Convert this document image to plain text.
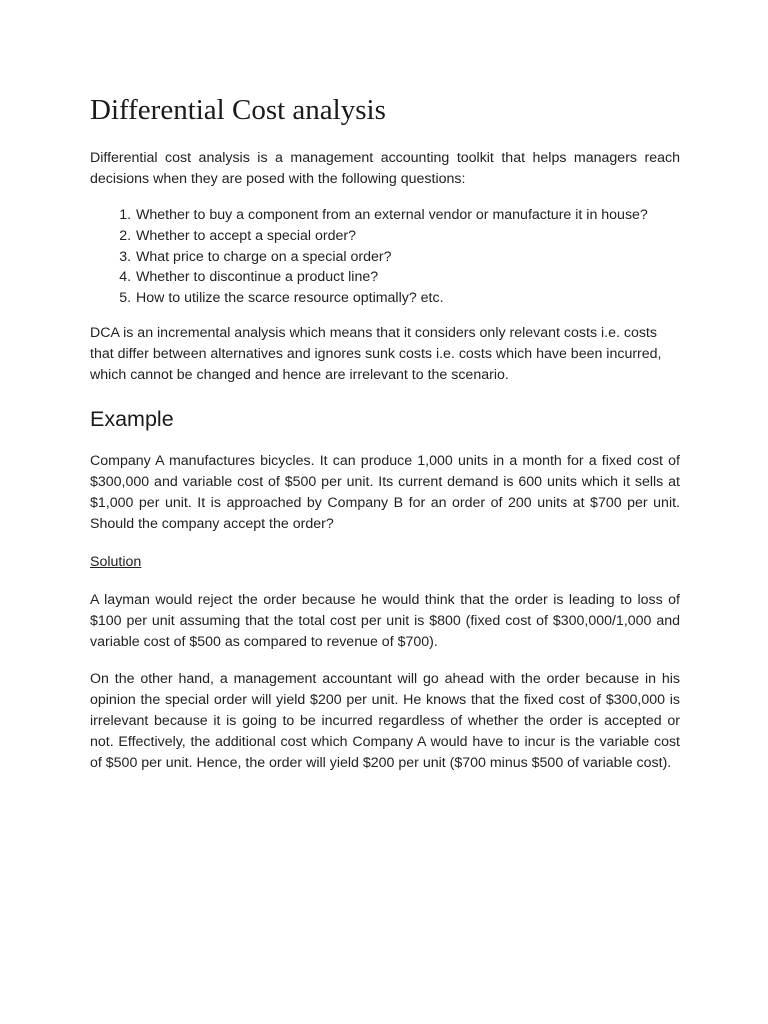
Differential Cost analysis

Differential cost analysis is a management accounting toolkit that helps managers reach decisions when they are posed with the following questions:

1. Whether to buy a component from an external vendor or manufacture it in house?
2. Whether to accept a special order?
3. What price to charge on a special order?
4. Whether to discontinue a product line?
5. How to utilize the scarce resource optimally? etc.

DCA is an incremental analysis which means that it considers only relevant costs i.e. costs that differ between alternatives and ignores sunk costs i.e. costs which have been incurred, which cannot be changed and hence are irrelevant to the scenario.

Example

Company A manufactures bicycles. It can produce 1,000 units in a month for a fixed cost of $300,000 and variable cost of $500 per unit. Its current demand is 600 units which it sells at $1,000 per unit. It is approached by Company B for an order of 200 units at $700 per unit. Should the company accept the order?

Solution

A layman would reject the order because he would think that the order is leading to loss of $100 per unit assuming that the total cost per unit is $800 (fixed cost of $300,000/1,000 and variable cost of $500 as compared to revenue of $700).

On the other hand, a management accountant will go ahead with the order because in his opinion the special order will yield $200 per unit. He knows that the fixed cost of $300,000 is irrelevant because it is going to be incurred regardless of whether the order is accepted or not. Effectively, the additional cost which Company A would have to incur is the variable cost of $500 per unit. Hence, the order will yield $200 per unit ($700 minus $500 of variable cost).
